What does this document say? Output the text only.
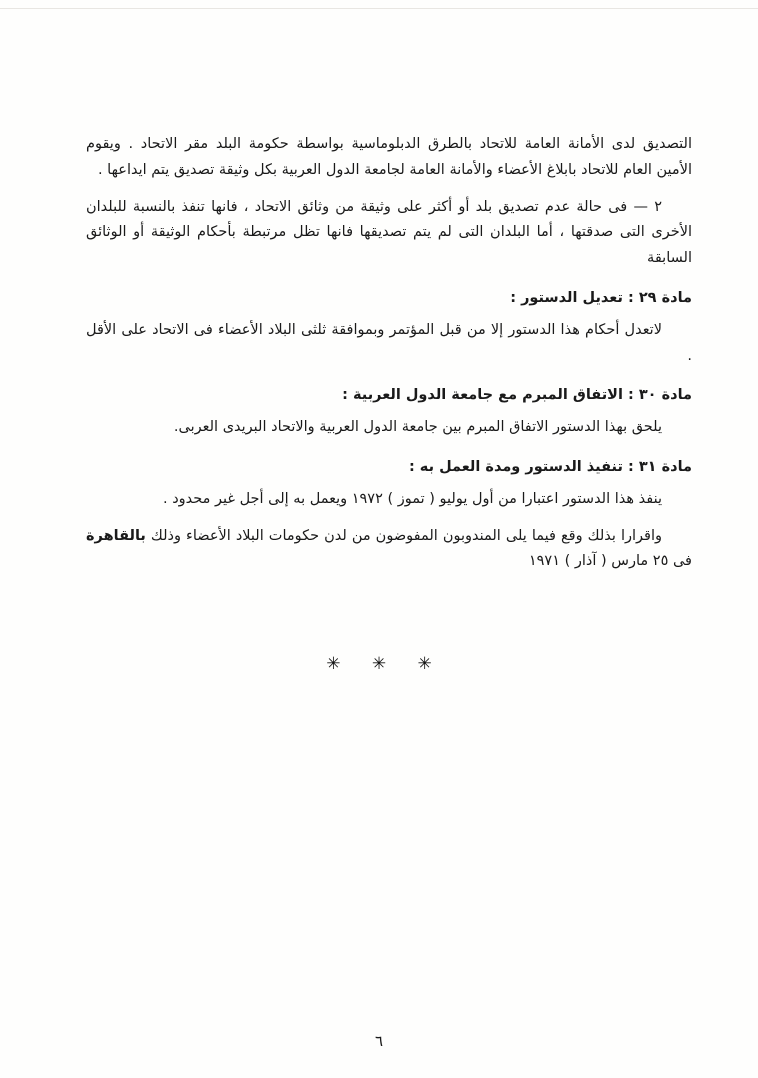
التصديق لدى الأمانة العامة للاتحاد بالطرق الدبلوماسية بواسطة حكومة البلد مقر الاتحاد . ويقوم الأمين العام للاتحاد بابلاغ الأعضاء والأمانة العامة لجامعة الدول العربية بكل وثيقة تصديق يتم ايداعها .

٢ — فى حالة عدم تصديق بلد أو أكثر على وثيقة من وثائق الاتحاد ، فانها تنفذ بالنسبة للبلدان الأخرى التى صدقتها ، أما البلدان التى لم يتم تصديقها فانها تظل مرتبطة بأحكام الوثيقة أو الوثائق السابقة

مادة ٢٩ : تعديل الدستور :

لاتعدل أحكام هذا الدستور إلا من قبل المؤتمر وبموافقة ثلثى البلاد الأعضاء فى الاتحاد على الأقل .

مادة ٣٠ : الاتفاق المبرم مع جامعة الدول العربية :

يلحق بهذا الدستور الاتفاق المبرم بين جامعة الدول العربية والاتحاد البريدى العربى.

مادة ٣١ : تنفيذ الدستور ومدة العمل به :

ينفذ هذا الدستور اعتبارا من أول يوليو ( تموز ) ١٩٧٢ ويعمل به إلى أجل غير محدود .

واقرارا بذلك وقع فيما يلى المندوبون المفوضون من لدن حكومات البلاد الأعضاء وذلك بالقاهرة فى ٢٥ مارس ( آذار ) ١٩٧١

✳ ✳ ✳
٦
